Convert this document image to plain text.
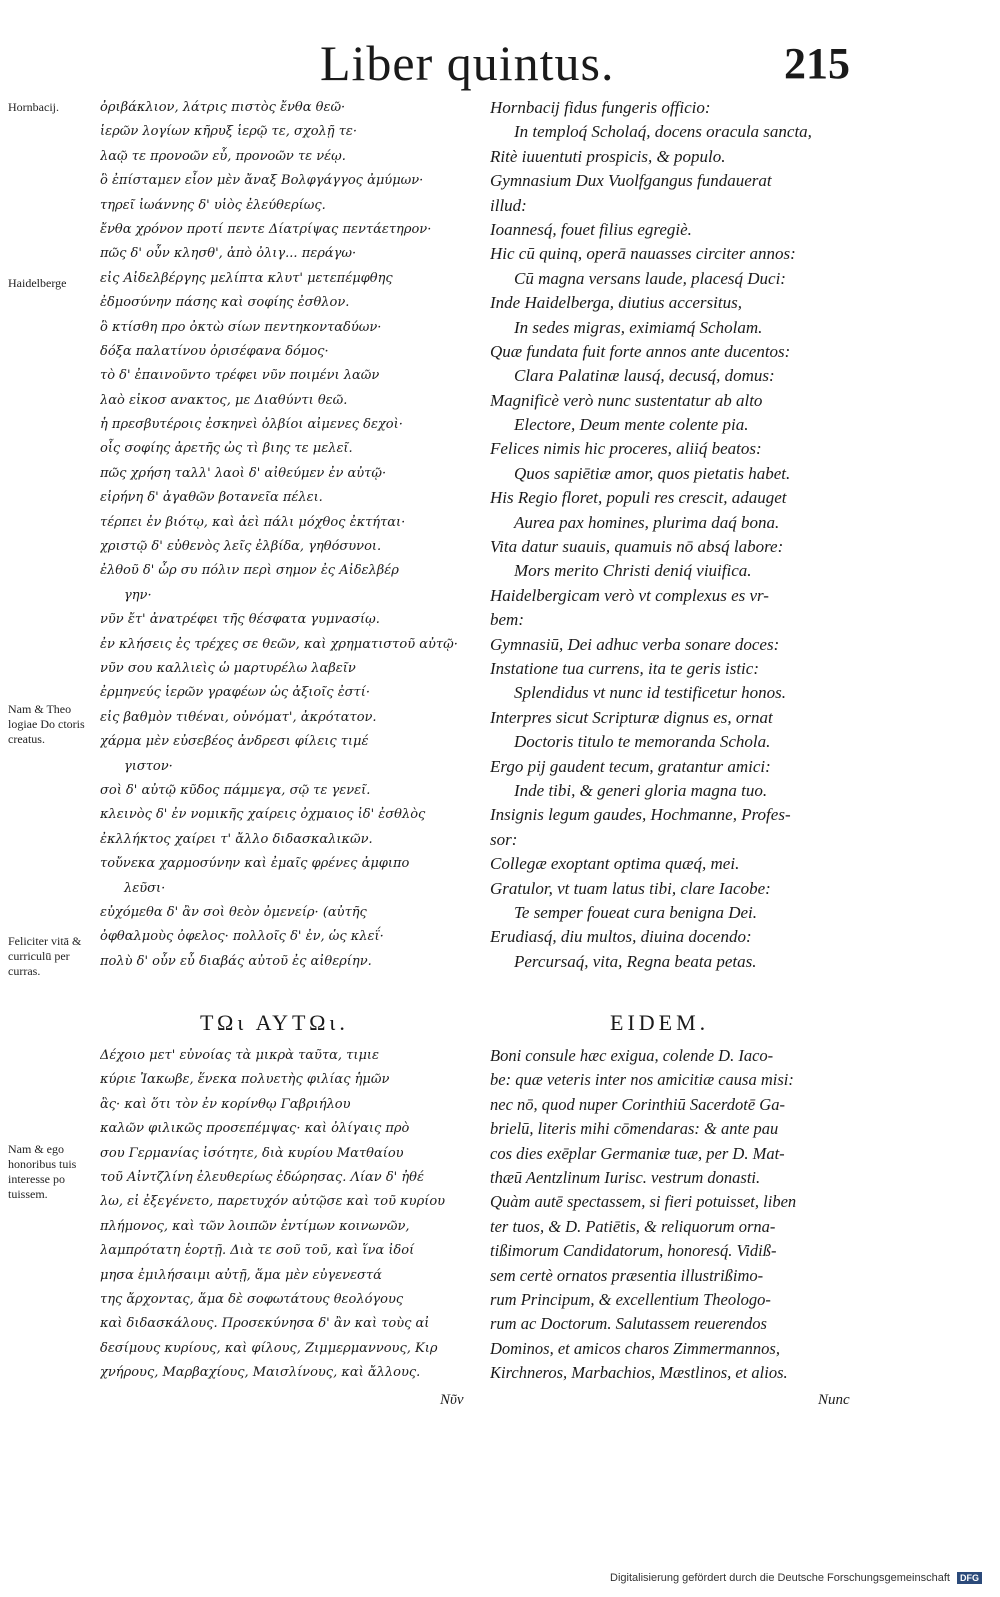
Liber quintus.	215
Hornbacij.
Haidelberge
Nam & Theo logiae Do ctoris creatus.
Feliciter vitā & curriculū per curras.
Nam & ego honoribus tuis interesse po tuissem.
ὀριβάκλιον, λάτρις πιστὸς ἔνθα θεῶ·
ἱερῶν λογίων κῆρυξ ἱερῷ τε, σχολῇ τε·
λαῷ τε προνοῶν εὖ, προνοῶν τε νέῳ.
ὃ ἐπίσταμεν εἶον μὲν ἄναξ Βολφγάγγος ἀμύμων·
τηρεῖ ἰωάννης δ' υἱὸς ἐλεύθερίως.
ἔνθα χρόνον προτί πεντε Δίατρίψας πεντάετηρον·
πῶς δ' οὖν κλησθ', ἀπὸ ὀλιγ... περάγω·
εἰς Αἰδελβέργης μελίπτα κλυτ' μετεπέμφθης
ἐδμοσύνην πάσης καὶ σοφίης ἐσθλον.
ὃ κτίσθη προ ὀκτὼ σίων πεντηκονταδύων·
δόξα παλατίνου ὀρισέφανα δόμος·
τὸ δ' ἐπαινοῦντο τρέφει νῦν ποιμένι λαῶν
λαὸ εἰκοσ ανακτος, με Διαθύντι θεῶ.
ἡ πρεσβυτέροις ἐσκηνεὶ ὀλβίοι αἰμενες δεχοὶ·
οἷς σοφίης ἀρετῆς ὠς τὶ βιης τε μελεῖ.
πῶς χρήση ταλλ' λαοὶ δ' αἰθεύμεν ἐν αὐτῷ·
εἰρήνη δ' ἀγαθῶν βοτανεῖα πέλει.
τέρπει ἐν βιότῳ, καὶ ἀεὶ πάλι μόχθος ἐκτήται·
χριστῷ δ' εὐθενὸς λεῖς ἐλβίδα, γηθόσυνοι.
ἐλθοῦ δ' ὦρ συ πόλιν περὶ σημον ἐς Αἰδελβέρ
γην·
νῦν ἔτ' ἀνατρέφει τῆς θέσφατα γυμνασίῳ.
ἐν κλήσεις ἐς τρέχες σε θεῶν, καὶ χρηματιστοῦ αὐτῷ·
νῦν σου καλλιεὶς ὡ μαρτυρέλω λαβεῖν
ἐρμηνεύς ἱερῶν γραφέων ὡς ἀξιοῖς ἐστί·
εἰς βαθμὸν τιθέναι, οὐνόματ', ἀκρότατον.
χάρμα μὲν εὐσεβέος ἀνδρεσι φίλεις τιμέ
γιστον·
σοὶ δ' αὐτῷ κῦδος πάμμεγα, σῷ τε γενεῖ.
κλεινὸς δ' ἐν νομικῆς χαίρεις ὀχμαιος ἰδ' ἐσθλὸς
ἐκλλήκτος χαίρει τ' ἄλλο διδασκαλικῶν.
τοὔνεκα χαρμοσύνην καὶ ἐμαῖς φρένες ἀμφιπο
λεῦσι·
εὐχόμεθα δ' ἂν σοὶ θεὸν ὀμενείρ· (αὐτῆς
ὀφθαλμοὺς ὀφελος· πολλοῖς δ' ἐν, ὡς κλεΐ·
πολὺ δ' οὖν εὖ διαβάς αὐτοῦ ἐς αἰθερίην.
Hornbacij fidus fungeris officio:
In temploq́ Scholaq́, docens oracula sancta,
Ritè iuuentuti prospicis, & populo.
Gymnasium Dux Vuolfgangus fundauerat
illud:
Ioannesq́, fouet filius egregiè.
Hic cū quinq, operā nauasses circiter annos:
Cū magna versans laude, placesq́ Duci:
Inde Haidelberga, diutius accersitus,
In sedes migras, eximiamq́ Scholam.
Quæ fundata fuit forte annos ante ducentos:
Clara Palatinæ lausq́, decusq́, domus:
Magnificè verò nunc sustentatur ab alto
Electore, Deum mente colente pia.
Felices nimis hic proceres, aliiq́ beatos:
Quos sapiētiæ amor, quos pietatis habet.
His Regio floret, populi res crescit, adauget
Aurea pax homines, plurima daq́ bona.
Vita datur suauis, quamuis nō absq́ labore:
Mors merito Christi deniq́ viuifica.
Haidelbergicam verò vt complexus es vr-
bem:
Gymnasiū, Dei adhuc verba sonare doces:
Instatione tua currens, ita te geris istic:
Splendidus vt nunc id testificetur honos.
Interpres sicut Scripturæ dignus es, ornat
Doctoris titulo te memoranda Schola.
Ergo pij gaudent tecum, gratantur amici:
Inde tibi, & generi gloria magna tuo.
Insignis legum gaudes, Hochmanne, Profes-
sor:
Collegæ exoptant optima quæq́, mei.
Gratulor, vt tuam latus tibi, clare Iacobe:
Te semper foueat cura benigna Dei.
Erudiasq́, diu multos, diuina docendo:
Percursaq́, vita, Regna beata petas.
ΤΩι ΑΥΤΩι.	EIDEM.
Δέχοιο μετ' εὐνοίας τὰ μικρὰ ταῦτα, τιμιε
κύριε Ἰακωβε, ἕνεκα πολυετὴς φιλίας ἡμῶν
ἃς· καὶ ὅτι τὸν ἐν κορίνθῳ Γαβριήλου
καλῶν φιλικῶς προσεπέμψας· καὶ ὀλίγαις πρὸ
σου Γερμανίας ἰσότητε, διὰ κυρίου Ματθαίου
τοῦ Αἰντζλίνη ἐλευθερίως ἐδώρησας. Λίαν δ' ἠθέ
λω, εἰ ἐξεγένετο, παρετυχόν αὐτῷσε καὶ τοῦ κυρίου
πλήμονος, καὶ τῶν λοιπῶν ἐντίμων κοινωνῶν,
λαμπρότατη ἑορτῇ. Διὰ τε σοῦ τοῦ, καὶ ἵνα ἰδοί
μησα ἐμιλήσαιμι αὐτῇ, ἅμα μὲν εὐγενεστά
της ἄρχοντας, ἅμα δὲ σοφωτάτους θεολόγους
καὶ διδασκάλους. Προσεκύνησα δ' ἂν καὶ τοὺς αἰ
δεσίμους κυρίους, καὶ φίλους, Ζιμμερμαννους, Κιρ
χνήρους, Μαρβαχίους, Μαισλίνους, καὶ ἄλλους.
Boni consule hæc exigua, colende D. Iaco-
be: quæ veteris inter nos amicitiæ causa misi:
nec nō, quod nuper Corinthiū Sacerdotē Ga-
brielū, literis mihi cōmendaras: & ante pau
cos dies exēplar Germaniæ tuæ, per D. Mat-
thæū Aentzlinum Iurisc. vestrum donasti.
Quàm autē spectassem, si fieri potuisset, liben
ter tuos, & D. Patiētis, & reliquorum orna-
tißimorum Candidatorum, honoresq́. Vidiß-
sem certè ornatos præsentia illustrißimo-
rum Principum, & excellentium Theologo-
rum ac Doctorum. Salutassem reuerendos
Dominos, et amicos charos Zimmermannos,
Kirchneros, Marbachios, Mæstlinos, et alios.
Νῦν	Nunc
Digitalisierung gefördert durch die Deutsche Forschungsgemeinschaft DFG
